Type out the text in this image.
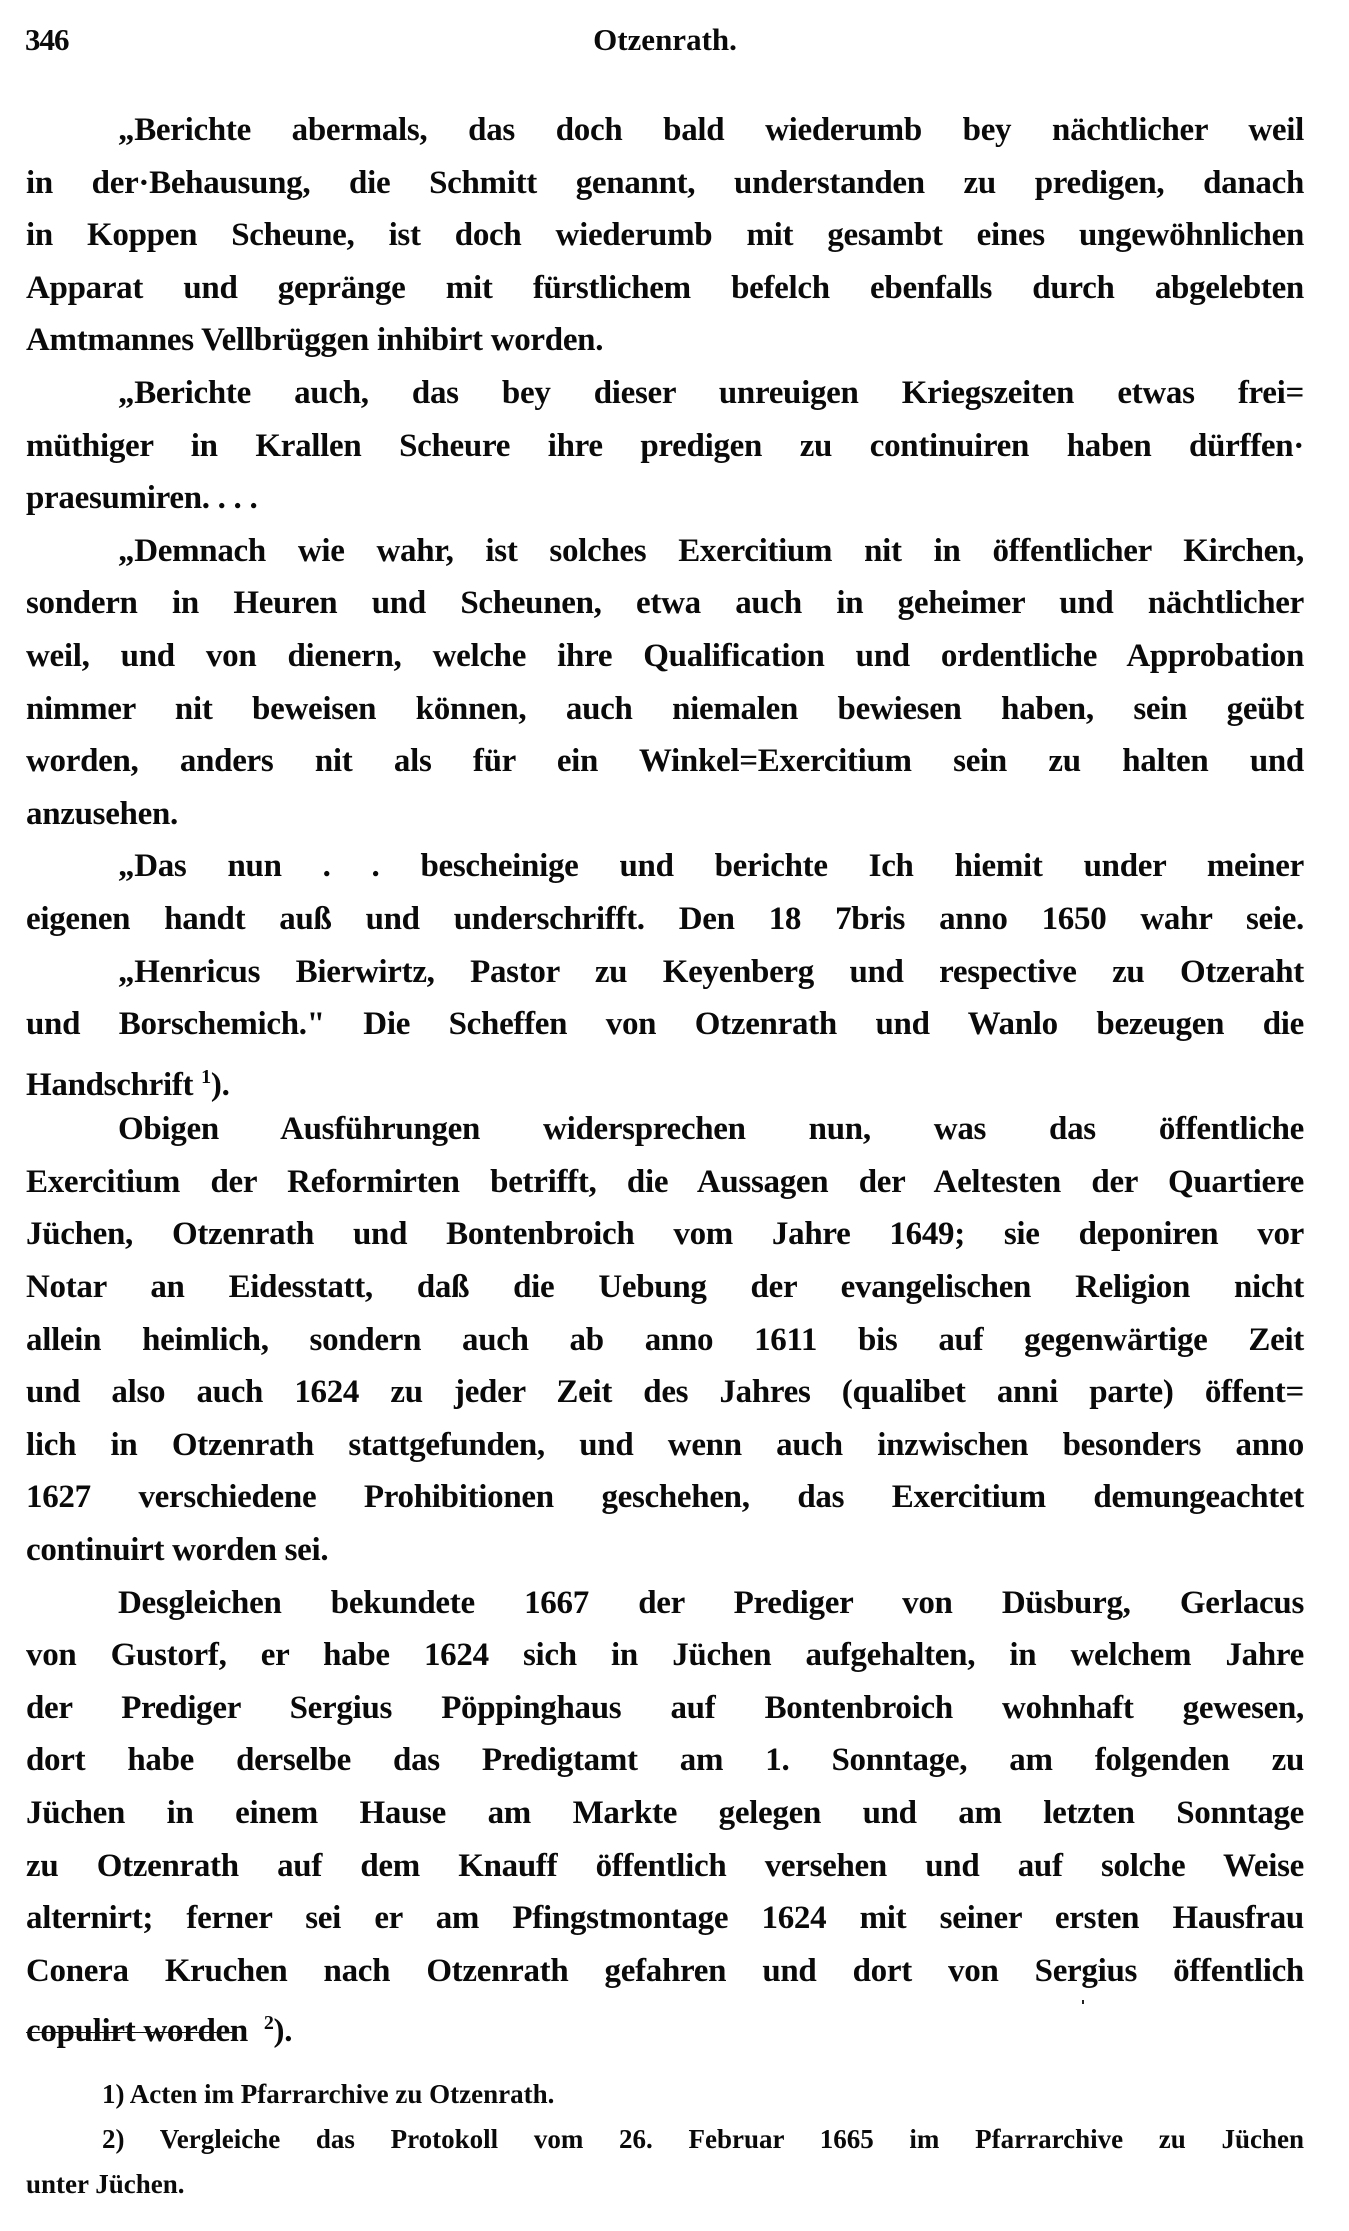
346	Otzenrath.
„Berichte abermals, das doch bald wiederumb bey nächtlicher weil
in der·Behausung, die Schmitt genannt, understanden zu predigen, danach
in Koppen Scheune, ist doch wiederumb mit gesambt eines ungewöhnlichen
Apparat und gepränge mit fürstlichem befelch ebenfalls durch abgelebten
Amtmannes Vellbrüggen inhibirt worden.
„Berichte auch, das bey dieser unreuigen Kriegszeiten etwas frei=
müthiger in Krallen Scheure ihre predigen zu continuiren haben dürffen·
praesumiren. . . .
„Demnach wie wahr, ist solches Exercitium nit in öffentlicher Kirchen,
sondern in Heuren und Scheunen, etwa auch in geheimer und nächtlicher
weil, und von dienern, welche ihre Qualification und ordentliche Approbation
nimmer nit beweisen können, auch niemalen bewiesen haben, sein geübt
worden, anders nit als für ein Winkel=Exercitium sein zu halten und
anzusehen.
„Das nun . . bescheinige und berichte Ich hiemit under meiner
eigenen handt auß und underschrifft. Den 18 7bris anno 1650 wahr seie.
„Henricus Bierwirtz, Pastor zu Keyenberg und respective zu Otzeraht
und Borschemich." Die Scheffen von Otzenrath und Wanlo bezeugen die
Handschrift $^1$).
Obigen Ausführungen widersprechen nun, was das öffentliche
Exercitium der Reformirten betrifft, die Aussagen der Aeltesten der Quartiere
Jüchen, Otzenrath und Bontenbroich vom Jahre 1649; sie deponiren vor
Notar an Eidesstatt, daß die Uebung der evangelischen Religion nicht
allein heimlich, sondern auch ab anno 1611 bis auf gegenwärtige Zeit
und also auch 1624 zu jeder Zeit des Jahres (qualibet anni parte) öffent=
lich in Otzenrath stattgefunden, und wenn auch inzwischen besonders anno
1627 verschiedene Prohibitionen geschehen, das Exercitium demungeachtet
continuirt worden sei.
Desgleichen bekundete 1667 der Prediger von Düsburg, Gerlacus
von Gustorf, er habe 1624 sich in Jüchen aufgehalten, in welchem Jahre
der Prediger Sergius Pöppinghaus auf Bontenbroich wohnhaft gewesen,
dort habe derselbe das Predigtamt am 1. Sonntage, am folgenden zu
Jüchen in einem Hause am Markte gelegen und am letzten Sonntage
zu Otzenrath auf dem Knauff öffentlich versehen und auf solche Weise
alternirt; ferner sei er am Pfingstmontage 1624 mit seiner ersten Hausfrau
Conera Kruchen nach Otzenrath gefahren und dort von Sergius öffentlich
copulirt worden $^2$).
1) Acten im Pfarrarchive zu Otzenrath.
2) Vergleiche das Protokoll vom 26. Februar 1665 im Pfarrarchive zu Jüchen
unter Jüchen.
